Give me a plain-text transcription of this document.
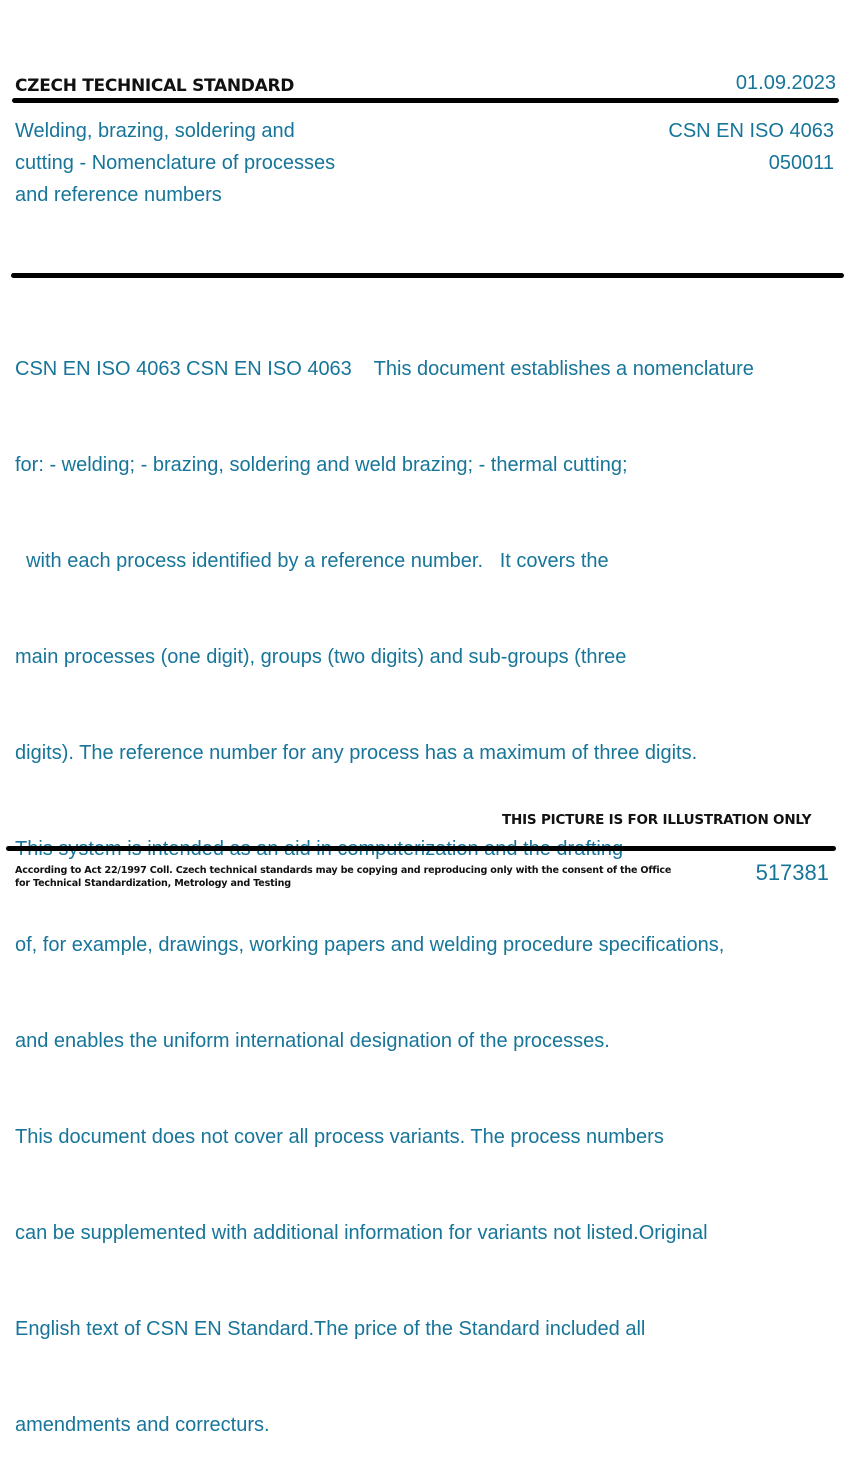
CZECH TECHNICAL STANDARD	01.09.2023
Welding, brazing, soldering and
cutting - Nomenclature of processes
and reference numbers
CSN EN ISO 4063
050011

CSN EN ISO 4063 CSN EN ISO 4063    This document establishes a nomenclature

for: - welding; - brazing, soldering and weld brazing; - thermal cutting;

with each process identified by a reference number.   It covers the

main processes (one digit), groups (two digits) and sub-groups (three

digits). The reference number for any process has a maximum of three digits.

of, for example, drawings, working papers and welding procedure specifications,

and enables the uniform international designation of the processes.

This document does not cover all process variants. The process numbers

can be supplemented with additional information for variants not listed.Original

English text of CSN EN Standard.The price of the Standard included all

amendments and correcturs.

THIS PICTURE IS FOR ILLUSTRATION ONLY
According to Act 22/1997 Coll. Czech technical standards may be copying and reproducing only with the consent of the Office
for Technical Standardization, Metrology and Testing	517381
